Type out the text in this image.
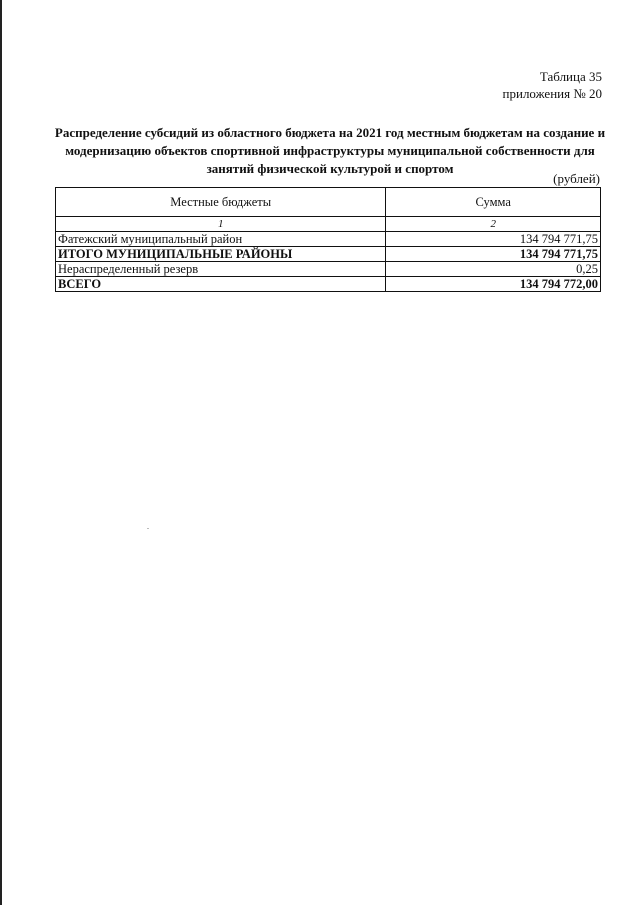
Таблица 35
приложения № 20
Распределение субсидий из областного бюджета на 2021 год местным бюджетам на создание и модернизацию объектов спортивной инфраструктуры муниципальной собственности для занятий физической культурой и спортом
(рублей)
Местные бюджеты	Сумма
1	2
Фатежский муниципальный район	134 794 771,75
ИТОГО МУНИЦИПАЛЬНЫЕ РАЙОНЫ	134 794 771,75
Нераспределенный резерв	0,25
ВСЕГО	134 794 772,00
